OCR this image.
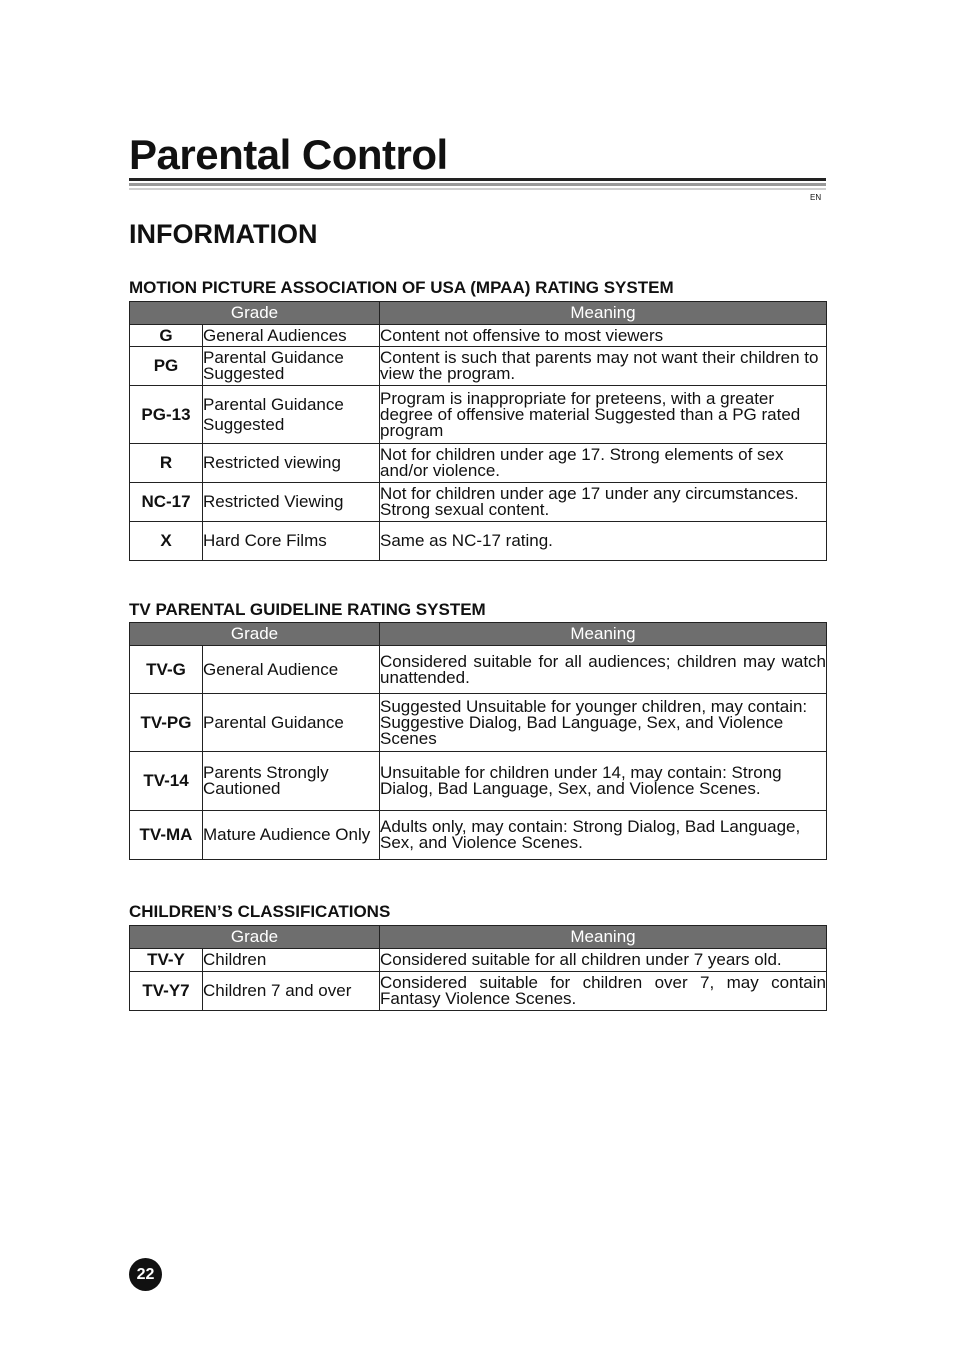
Parental Control
EN
INFORMATION
MOTION PICTURE ASSOCIATION OF USA (MPAA) RATING SYSTEM
Grade		Meaning
G	General Audiences	Content not offensive to most viewers
PG	Parental Guidance Suggested	Content is such that parents may not want their children to view the program.
PG-13	Parental Guidance Suggested	Program is inappropriate for preteens, with a greater degree of offensive material Suggested than a PG rated program
R	Restricted viewing	Not for children under age 17. Strong elements of sex and/or violence.
NC-17	Restricted Viewing	Not for children under age 17 under any circumstances. Strong sexual content.
X	Hard Core Films	Same as NC-17 rating.
TV PARENTAL GUIDELINE RATING SYSTEM
Grade		Meaning
TV-G	General Audience	Considered suitable for all audiences; children may watch unattended.
TV-PG	Parental Guidance	Suggested Unsuitable for younger children, may contain: Suggestive Dialog, Bad Language, Sex, and Violence Scenes
TV-14	Parents Strongly Cautioned	Unsuitable for children under 14, may contain: Strong Dialog, Bad Language, Sex, and Violence Scenes.
TV-MA	Mature Audience Only	Adults only, may contain: Strong Dialog, Bad Language, Sex, and Violence Scenes.
CHILDREN’S CLASSIFICATIONS
Grade		Meaning
TV-Y	Children	Considered suitable for all children under 7 years old.
TV-Y7	Children 7 and over	Considered suitable for children over 7, may contain Fantasy Violence Scenes.
22
